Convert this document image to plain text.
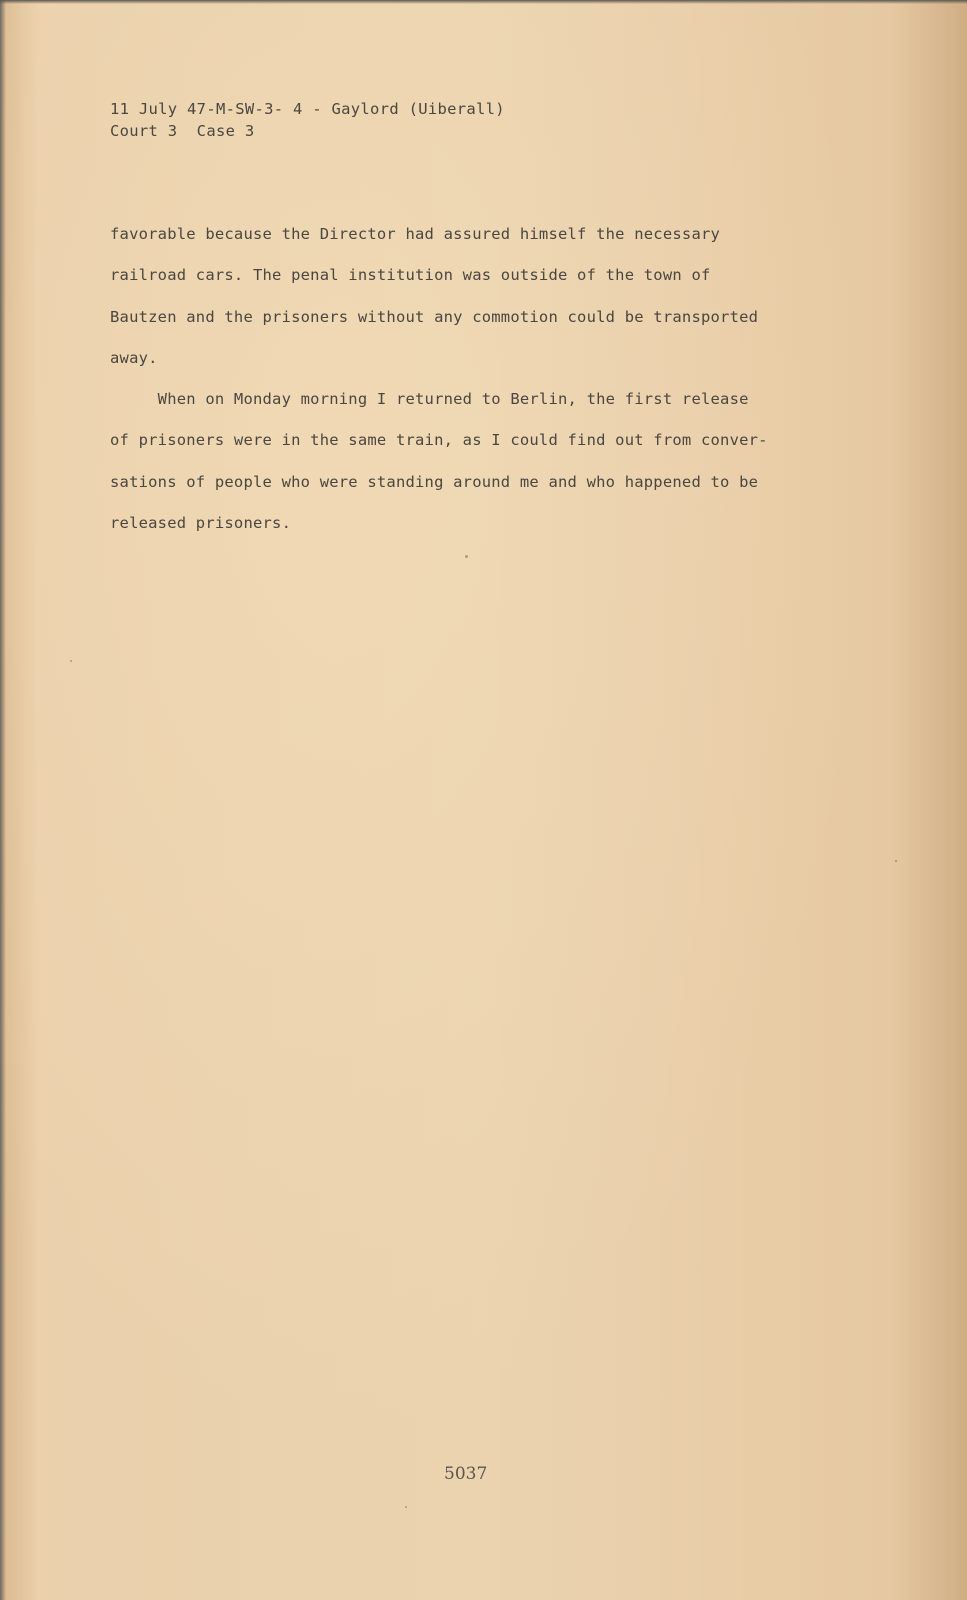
11 July 47-M-SW-3- 4 - Gaylord (Uiberall)
Court 3  Case 3
favorable because the Director had assured himself the necessary
railroad cars. The penal institution was outside of the town of
Bautzen and the prisoners without any commotion could be transported
away.
When on Monday morning I returned to Berlin, the first release
of prisoners were in the same train, as I could find out from conver-
sations of people who were standing around me and who happened to be
released prisoners.
5037
